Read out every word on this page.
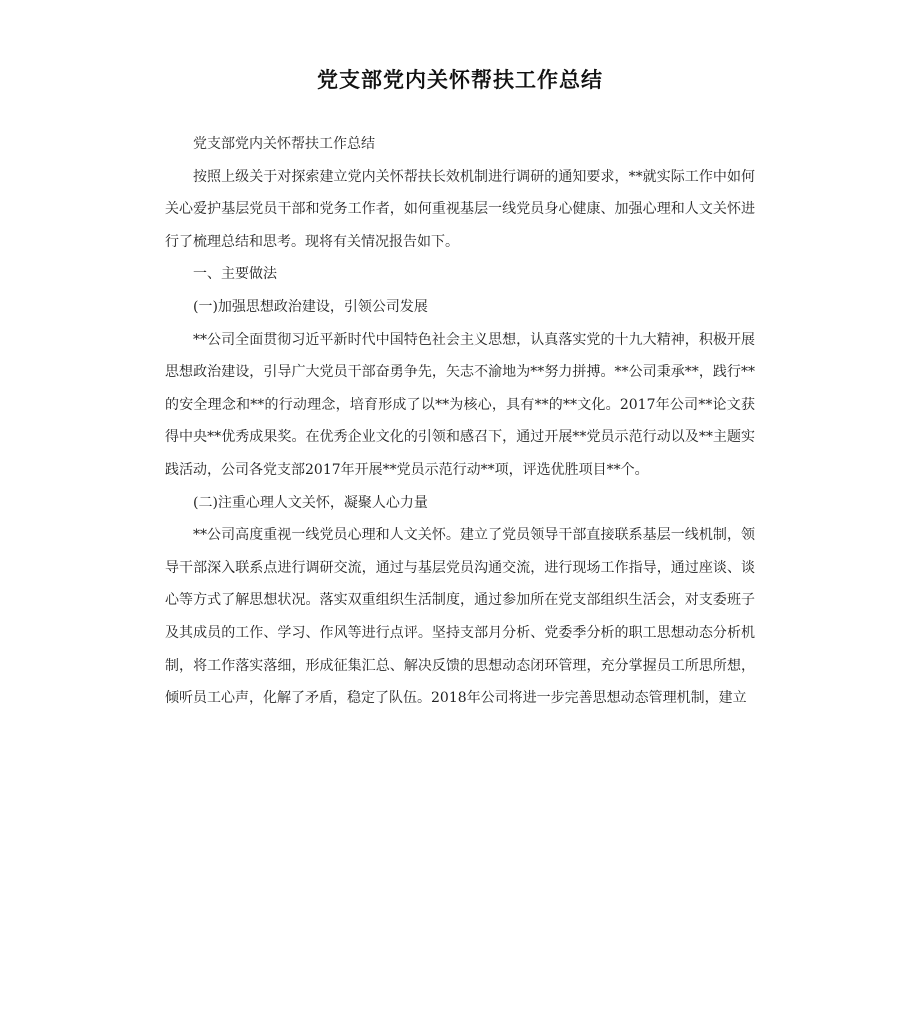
党支部党内关怀帮扶工作总结

党支部党内关怀帮扶工作总结

按照上级关于对探索建立党内关怀帮扶长效机制进行调研的通知要求，**就实际工作中如何关心爱护基层党员干部和党务工作者，如何重视基层一线党员身心健康、加强心理和人文关怀进行了梳理总结和思考。现将有关情况报告如下。

一、主要做法

(一)加强思想政治建设，引领公司发展

**公司全面贯彻习近平新时代中国特色社会主义思想，认真落实党的十九大精神，积极开展思想政治建设，引导广大党员干部奋勇争先，矢志不渝地为**努力拼搏。**公司秉承**，践行**的安全理念和**的行动理念，培育形成了以**为核心，具有**的**文化。2017年公司**论文获得中央**优秀成果奖。在优秀企业文化的引领和感召下，通过开展**党员示范行动以及**主题实践活动，公司各党支部2017年开展**党员示范行动**项，评选优胜项目**个。

(二)注重心理人文关怀，凝聚人心力量

**公司高度重视一线党员心理和人文关怀。建立了党员领导干部直接联系基层一线机制，领导干部深入联系点进行调研交流，通过与基层党员沟通交流，进行现场工作指导，通过座谈、谈心等方式了解思想状况。落实双重组织生活制度，通过参加所在党支部组织生活会，对支委班子及其成员的工作、学习、作风等进行点评。坚持支部月分析、党委季分析的职工思想动态分析机制，将工作落实落细，形成征集汇总、解决反馈的思想动态闭环管理，充分掌握员工所思所想，倾听员工心声，化解了矛盾，稳定了队伍。2018年公司将进一步完善思想动态管理机制，建立
